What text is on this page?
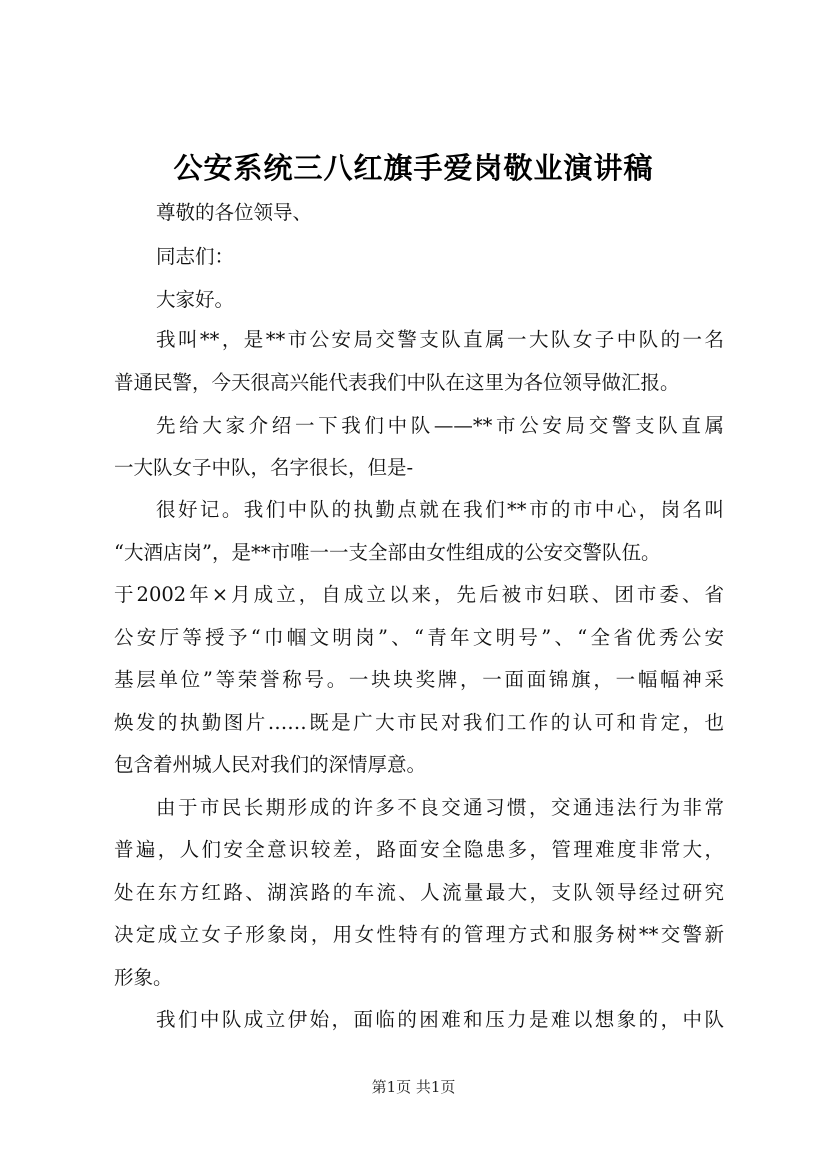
公安系统三八红旗手爱岗敬业演讲稿
尊敬的各位领导、
同志们：
大家好。
我叫**，是**市公安局交警支队直属一大队女子中队的一名
普通民警，今天很高兴能代表我们中队在这里为各位领导做汇报。
先给大家介绍一下我们中队——**市公安局交警支队直属
一大队女子中队，名字很长，但是-
很好记。我们中队的执勤点就在我们**市的市中心，岗名叫
“大酒店岗”，是**市唯一一支全部由女性组成的公安交警队伍。
于2002年×月成立，自成立以来，先后被市妇联、团市委、省
公安厅等授予“巾帼文明岗”、“青年文明号”、“全省优秀公安
基层单位”等荣誉称号。一块块奖牌，一面面锦旗，一幅幅神采
焕发的执勤图片……既是广大市民对我们工作的认可和肯定，也
包含着州城人民对我们的深情厚意。
由于市民长期形成的许多不良交通习惯，交通违法行为非常
普遍，人们安全意识较差，路面安全隐患多，管理难度非常大，
处在东方红路、湖滨路的车流、人流量最大，支队领导经过研究
决定成立女子形象岗，用女性特有的管理方式和服务树**交警新
形象。
我们中队成立伊始，面临的困难和压力是难以想象的，中队
第1页 共1页
